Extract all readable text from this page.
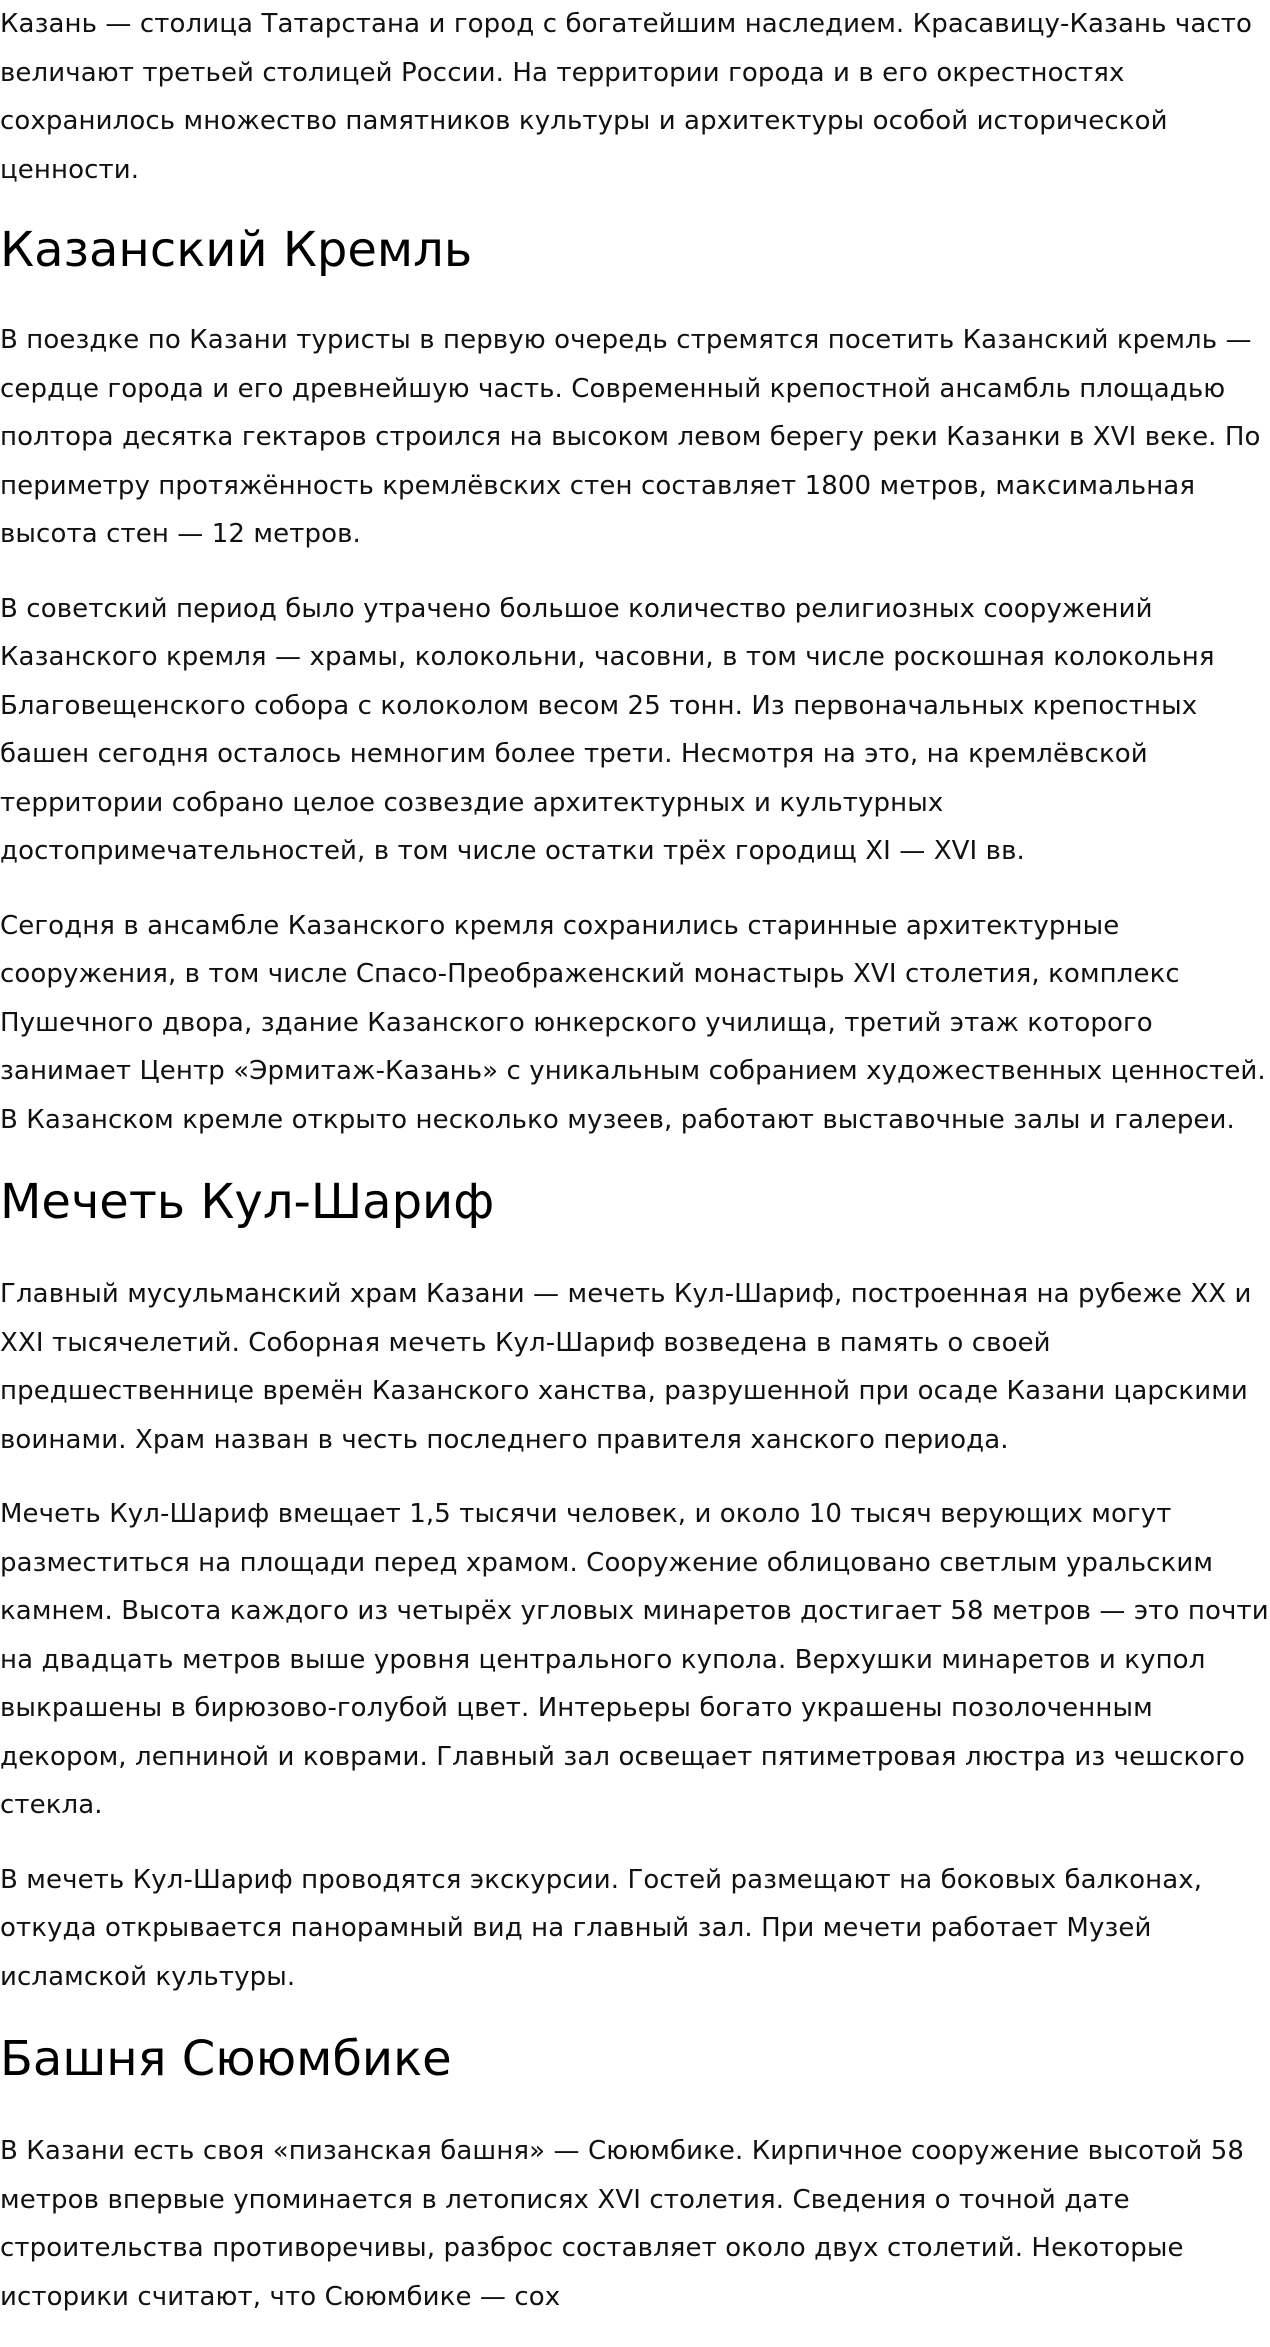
Казань — столица Татарстана и город с богатейшим наследием. Красавицу-Казань часто величают третьей столицей России. На территории города и в его окрестностях сохранилось множество памятников культуры и архитектуры особой исторической ценности.

Казанский Кремль

В поездке по Казани туристы в первую очередь стремятся посетить Казанский кремль — сердце города и его древнейшую часть. Современный крепостной ансамбль площадью полтора десятка гектаров строился на высоком левом берегу реки Казанки в XVI веке. По периметру протяжённость кремлёвских стен составляет 1800 метров, максимальная высота стен — 12 метров.

В советский период было утрачено большое количество религиозных сооружений Казанского кремля — храмы, колокольни, часовни, в том числе роскошная колокольня Благовещенского собора с колоколом весом 25 тонн. Из первоначальных крепостных башен сегодня осталось немногим более трети. Несмотря на это, на кремлёвской территории собрано целое созвездие архитектурных и культурных достопримечательностей, в том числе остатки трёх городищ XI — XVI вв.

Сегодня в ансамбле Казанского кремля сохранились старинные архитектурные сооружения, в том числе Спасо-Преображенский монастырь XVI столетия, комплекс Пушечного двора, здание Казанского юнкерского училища, третий этаж которого занимает Центр «Эрмитаж-Казань» с уникальным собранием художественных ценностей. В Казанском кремле открыто несколько музеев, работают выставочные залы и галереи.

Мечеть Кул-Шариф

Главный мусульманский храм Казани — мечеть Кул-Шариф, построенная на рубеже XX и XXI тысячелетий. Соборная мечеть Кул-Шариф возведена в память о своей предшественнице времён Казанского ханства, разрушенной при осаде Казани царскими воинами. Храм назван в честь последнего правителя ханского периода.

Мечеть Кул-Шариф вмещает 1,5 тысячи человек, и около 10 тысяч верующих могут разместиться на площади перед храмом. Сооружение облицовано светлым уральским камнем. Высота каждого из четырёх угловых минаретов достигает 58 метров — это почти на двадцать метров выше уровня центрального купола. Верхушки минаретов и купол выкрашены в бирюзово-голубой цвет. Интерьеры богато украшены позолоченным декором, лепниной и коврами. Главный зал освещает пятиметровая люстра из чешского стекла.

В мечеть Кул-Шариф проводятся экскурсии. Гостей размещают на боковых балконах, откуда открывается панорамный вид на главный зал. При мечети работает Музей исламской культуры.

Башня Сююмбике

В Казани есть своя «пизанская башня» — Сююмбике. Кирпичное сооружение высотой 58 метров впервые упоминается в летописях XVI столетия. Сведения о точной дате строительства противоречивы, разброс составляет около двух столетий. Некоторые историки считают, что Сююмбике — сох
